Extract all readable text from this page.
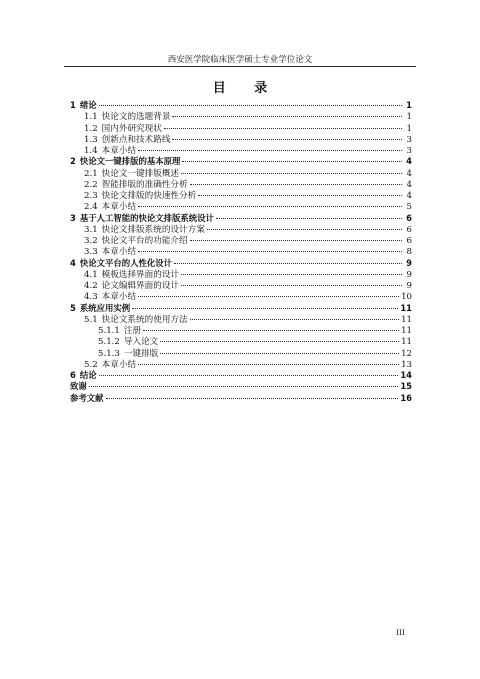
西安医学院临床医学硕士专业学位论文
目 录
1 绪论	1
1.1 快论文的选题背景	1
1.2 国内外研究现状	1
1.3 创新点和技术路线	3
1.4 本章小结	3
2 快论文一键排版的基本原理	4
2.1 快论文一键排版概述	4
2.2 智能排版的准确性分析	4
2.3 快论文排版的快速性分析	4
2.4 本章小结	5
3 基于人工智能的快论文排版系统设计	6
3.1 快论文排版系统的设计方案	6
3.2 快论文平台的功能介绍	6
3.3 本章小结	8
4 快论文平台的人性化设计	9
4.1 模板选择界面的设计	9
4.2 论文编辑界面的设计	9
4.3 本章小结	10
5 系统应用实例	11
5.1 快论文系统的使用方法	11
5.1.1 注册	11
5.1.2 导入论文	11
5.1.3 一键排版	12
5.2 本章小结	13
6 结论	14
致谢	15
参考文献	16
III
